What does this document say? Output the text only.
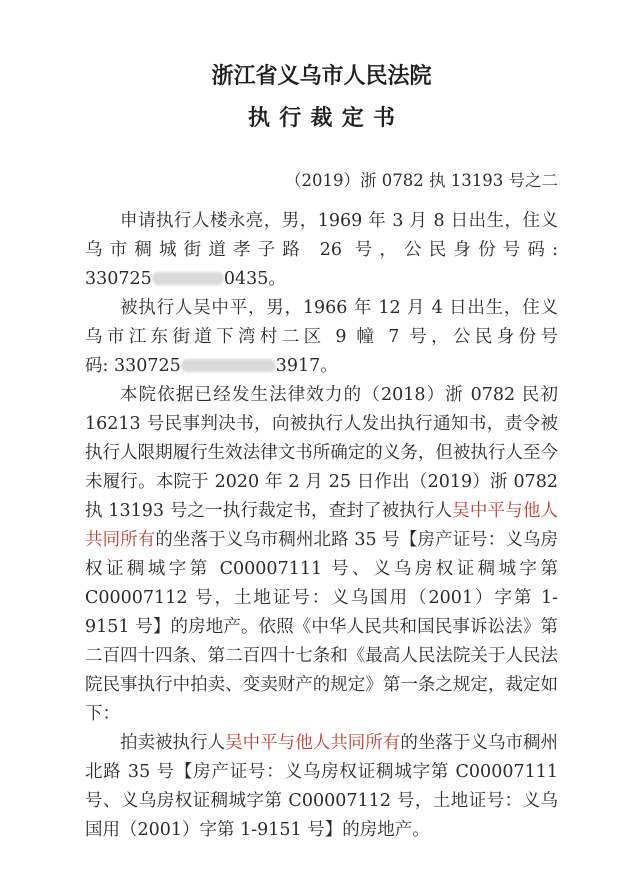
浙江省义乌市人民法院
执行裁定书
（2019）浙 0782 执 13193 号之二

申请执行人楼永亮，男，1969 年 3 月 8 日出生，住义乌市稠城街道孝子路 26 号，公民身份号码: 330725	0435。

被执行人吴中平，男，1966 年 12 月 4 日出生，住义乌市江东街道下湾村二区 9 幢 7 号，公民身份号码: 330725	3917。

本院依据已经发生法律效力的（2018）浙 0782 民初 16213 号民事判决书，向被执行人发出执行通知书，责令被执行人限期履行生效法律文书所确定的义务，但被执行人至今未履行。本院于 2020 年 2 月 25 日作出（2019）浙 0782 执 13193 号之一执行裁定书，查封了被执行人吴中平与他人共同所有的坐落于义乌市稠州北路 35 号【房产证号：义乌房权证稠城字第 C00007111 号、义乌房权证稠城字第 C00007112 号，土地证号：义乌国用（2001）字第 1-9151 号】的房地产。依照《中华人民共和国民事诉讼法》第二百四十四条、第二百四十七条和《最高人民法院关于人民法院民事执行中拍卖、变卖财产的规定》第一条之规定，裁定如下：

拍卖被执行人吴中平与他人共同所有的坐落于义乌市稠州北路 35 号【房产证号：义乌房权证稠城字第 C00007111 号、义乌房权证稠城字第 C00007112 号，土地证号：义乌国用（2001）字第 1-9151 号】的房地产。
